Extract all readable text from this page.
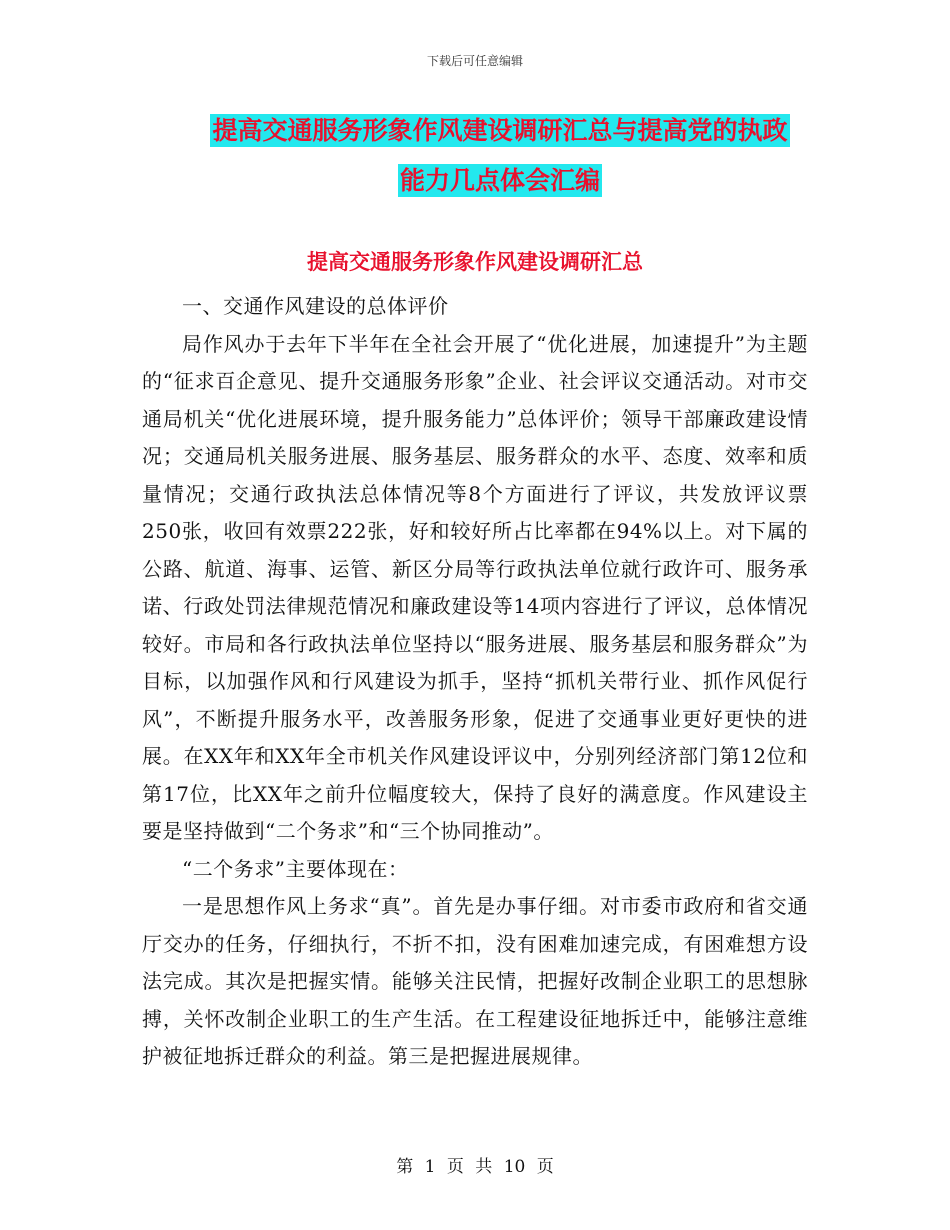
下载后可任意编辑
提高交通服务形象作风建设调研汇总与提高党的执政
能力几点体会汇编
提高交通服务形象作风建设调研汇总

一、交通作风建设的总体评价

局作风办于去年下半年在全社会开展了“优化进展，加速提升”为主题的“征求百企意见、提升交通服务形象”企业、社会评议交通活动。对市交通局机关“优化进展环境，提升服务能力”总体评价；领导干部廉政建设情况；交通局机关服务进展、服务基层、服务群众的水平、态度、效率和质量情况；交通行政执法总体情况等8个方面进行了评议，共发放评议票250张，收回有效票222张，好和较好所占比率都在94%以上。对下属的公路、航道、海事、运管、新区分局等行政执法单位就行政许可、服务承诺、行政处罚法律规范情况和廉政建设等14项内容进行了评议，总体情况较好。市局和各行政执法单位坚持以“服务进展、服务基层和服务群众”为目标，以加强作风和行风建设为抓手，坚持“抓机关带行业、抓作风促行风”，不断提升服务水平，改善服务形象，促进了交通事业更好更快的进展。在XX年和XX年全市机关作风建设评议中，分别列经济部门第12位和第17位，比XX年之前升位幅度较大，保持了良好的满意度。作风建设主要是坚持做到“二个务求”和“三个协同推动”。

“二个务求”主要体现在：

一是思想作风上务求“真”。首先是办事仔细。对市委市政府和省交通厅交办的任务，仔细执行，不折不扣，没有困难加速完成，有困难想方设法完成。其次是把握实情。能够关注民情，把握好改制企业职工的思想脉搏，关怀改制企业职工的生产生活。在工程建设征地拆迁中，能够注意维护被征地拆迁群众的利益。第三是把握进展规律。

第 1 页 共 10 页
